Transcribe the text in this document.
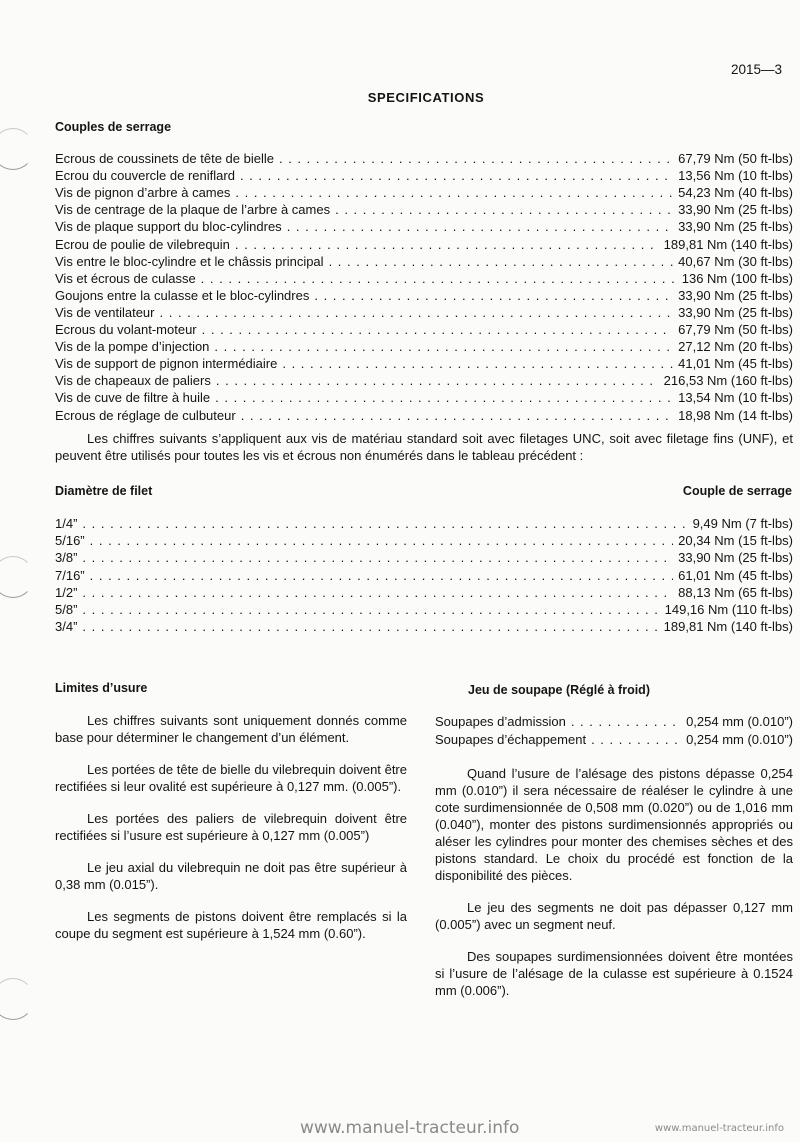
2015—3
SPECIFICATIONS
Couples de serrage
Ecrous de coussinets de tête de bielle . . .	67,79 Nm (50 ft-lbs)
Ecrou du couvercle de reniflard . . .	13,56 Nm (10 ft-lbs)
Vis de pignon d’arbre à cames . . .	54,23 Nm (40 ft-lbs)
Vis de centrage de la plaque de l’arbre à cames . . .	33,90 Nm (25 ft-lbs)
Vis de plaque support du bloc-cylindres . . .	33,90 Nm (25 ft-lbs)
Ecrou de poulie de vilebrequin . . .	189,81 Nm (140 ft-lbs)
Vis entre le bloc-cylindre et le châssis principal . . .	40,67 Nm (30 ft-lbs)
Vis et écrous de culasse . . .	136 Nm (100 ft-lbs)
Goujons entre la culasse et le bloc-cylindres . . .	33,90 Nm (25 ft-lbs)
Vis de ventilateur . . .	33,90 Nm (25 ft-lbs)
Ecrous du volant-moteur . . .	67,79 Nm (50 ft-lbs)
Vis de la pompe d’injection . . .	27,12 Nm (20 ft-lbs)
Vis de support de pignon intermédiaire . . .	41,01 Nm (45 ft-lbs)
Vis de chapeaux de paliers . . .	216,53 Nm (160 ft-lbs)
Vis de cuve de filtre à huile . . .	13,54 Nm (10 ft-lbs)
Ecrous de réglage de culbuteur . . .	18,98 Nm (14 ft-lbs)
Les chiffres suivants s’appliquent aux vis de matériau standard soit avec filetages UNC, soit avec filetage fins (UNF), et peuvent être utilisés pour toutes les vis et écrous non énumérés dans le tableau précédent :
Diamètre de filet	Couple de serrage
1/4” . . .	9,49 Nm (7 ft-lbs)
5/16” . . .	20,34 Nm (15 ft-lbs)
3/8” . . .	33,90 Nm (25 ft-lbs)
7/16” . . .	61,01 Nm (45 ft-lbs)
1/2” . . .	88,13 Nm (65 ft-lbs)
5/8” . . .	149,16 Nm (110 ft-lbs)
3/4” . . .	189,81 Nm (140 ft-lbs)
Limites d’usure

Les chiffres suivants sont uniquement donnés comme base pour déterminer le changement d’un élément.

Les portées de tête de bielle du vilebrequin doivent être rectifiées si leur ovalité est supérieure à 0,127 mm. (0.005”).

Les portées des paliers de vilebrequin doivent être rectifiées si l’usure est supérieure à 0,127 mm (0.005”)

Le jeu axial du vilebrequin ne doit pas être supérieur à 0,38 mm (0.015”).

Les segments de pistons doivent être remplacés si la coupe du segment est supérieure à 1,524 mm (0.60”).

Jeu de soupape (Réglé à froid)
Soupapes d’admission . . .	0,254 mm (0.010”)
Soupapes d’échappement . . .	0,254 mm (0.010”)

Quand l’usure de l’alésage des pistons dépasse 0,254 mm (0.010”) il sera nécessaire de réaléser le cylindre à une cote surdimensionnée de 0,508 mm (0.020”) ou de 1,016 mm (0.040”), monter des pistons surdimensionnés appropriés ou aléser les cylindres pour monter des chemises sèches et des pistons standard. Le choix du procédé est fonction de la disponibilité des pièces.

Le jeu des segments ne doit pas dépasser 0,127 mm (0.005”) avec un segment neuf.

Des soupapes surdimensionnées doivent être montées si l’usure de l’alésage de la culasse est supérieure à 0.1524 mm (0.006”).

www.manuel-tracteur.info	www.manuel-tracteur.info
